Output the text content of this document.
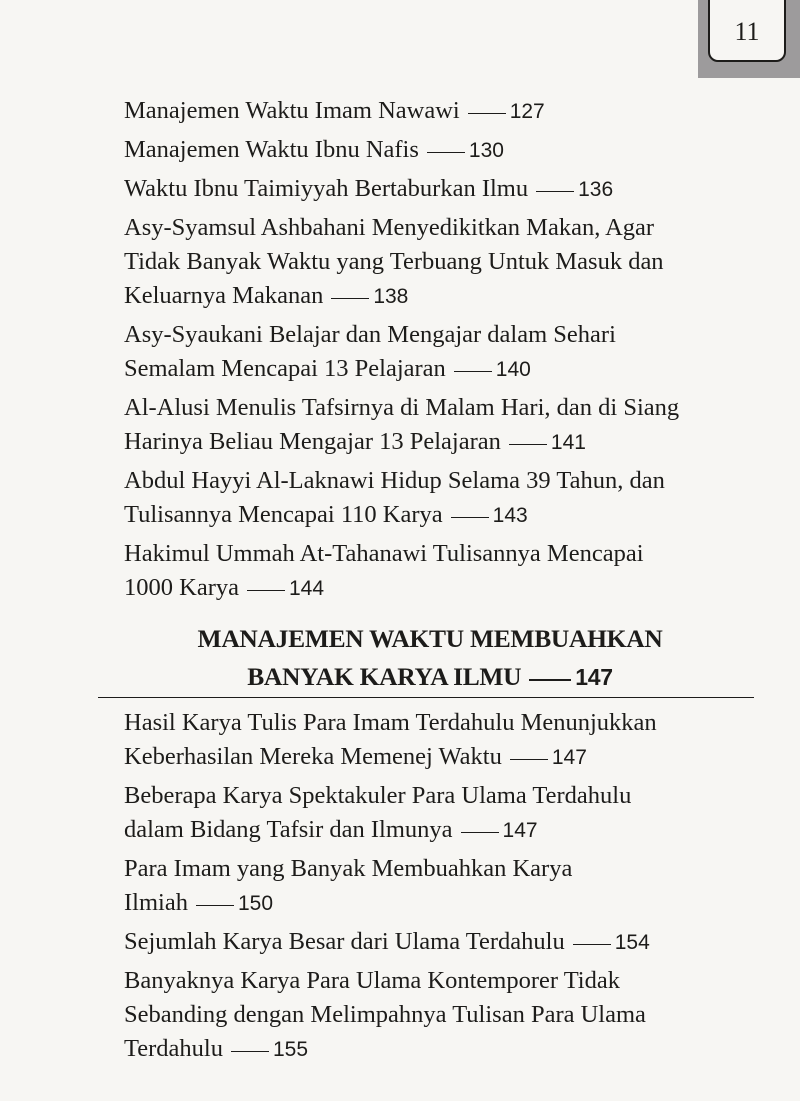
11
Manajemen Waktu Imam Nawawi 127
Manajemen Waktu Ibnu Nafis 130
Waktu Ibnu Taimiyyah Bertaburkan Ilmu 136
Asy-Syamsul Ashbahani Menyedikitkan Makan, Agar
Tidak Banyak Waktu yang Terbuang Untuk Masuk dan
Keluarnya Makanan 138
Asy-Syaukani Belajar dan Mengajar dalam Sehari
Semalam Mencapai 13 Pelajaran 140
Al-Alusi Menulis Tafsirnya di Malam Hari, dan di Siang
Harinya Beliau Mengajar 13 Pelajaran 141
Abdul Hayyi Al-Laknawi Hidup Selama 39 Tahun, dan
Tulisannya Mencapai 110 Karya 143
Hakimul Ummah At-Tahanawi Tulisannya Mencapai
1000 Karya 144
MANAJEMEN WAKTU MEMBUAHKAN
BANYAK KARYA ILMU 147
Hasil Karya Tulis Para Imam Terdahulu Menunjukkan
Keberhasilan Mereka Memenej Waktu 147
Beberapa Karya Spektakuler Para Ulama Terdahulu
dalam Bidang Tafsir dan Ilmunya 147
Para Imam yang Banyak Membuahkan Karya
Ilmiah 150
Sejumlah Karya Besar dari Ulama Terdahulu 154
Banyaknya Karya Para Ulama Kontemporer Tidak
Sebanding dengan Melimpahnya Tulisan Para Ulama
Terdahulu 155
